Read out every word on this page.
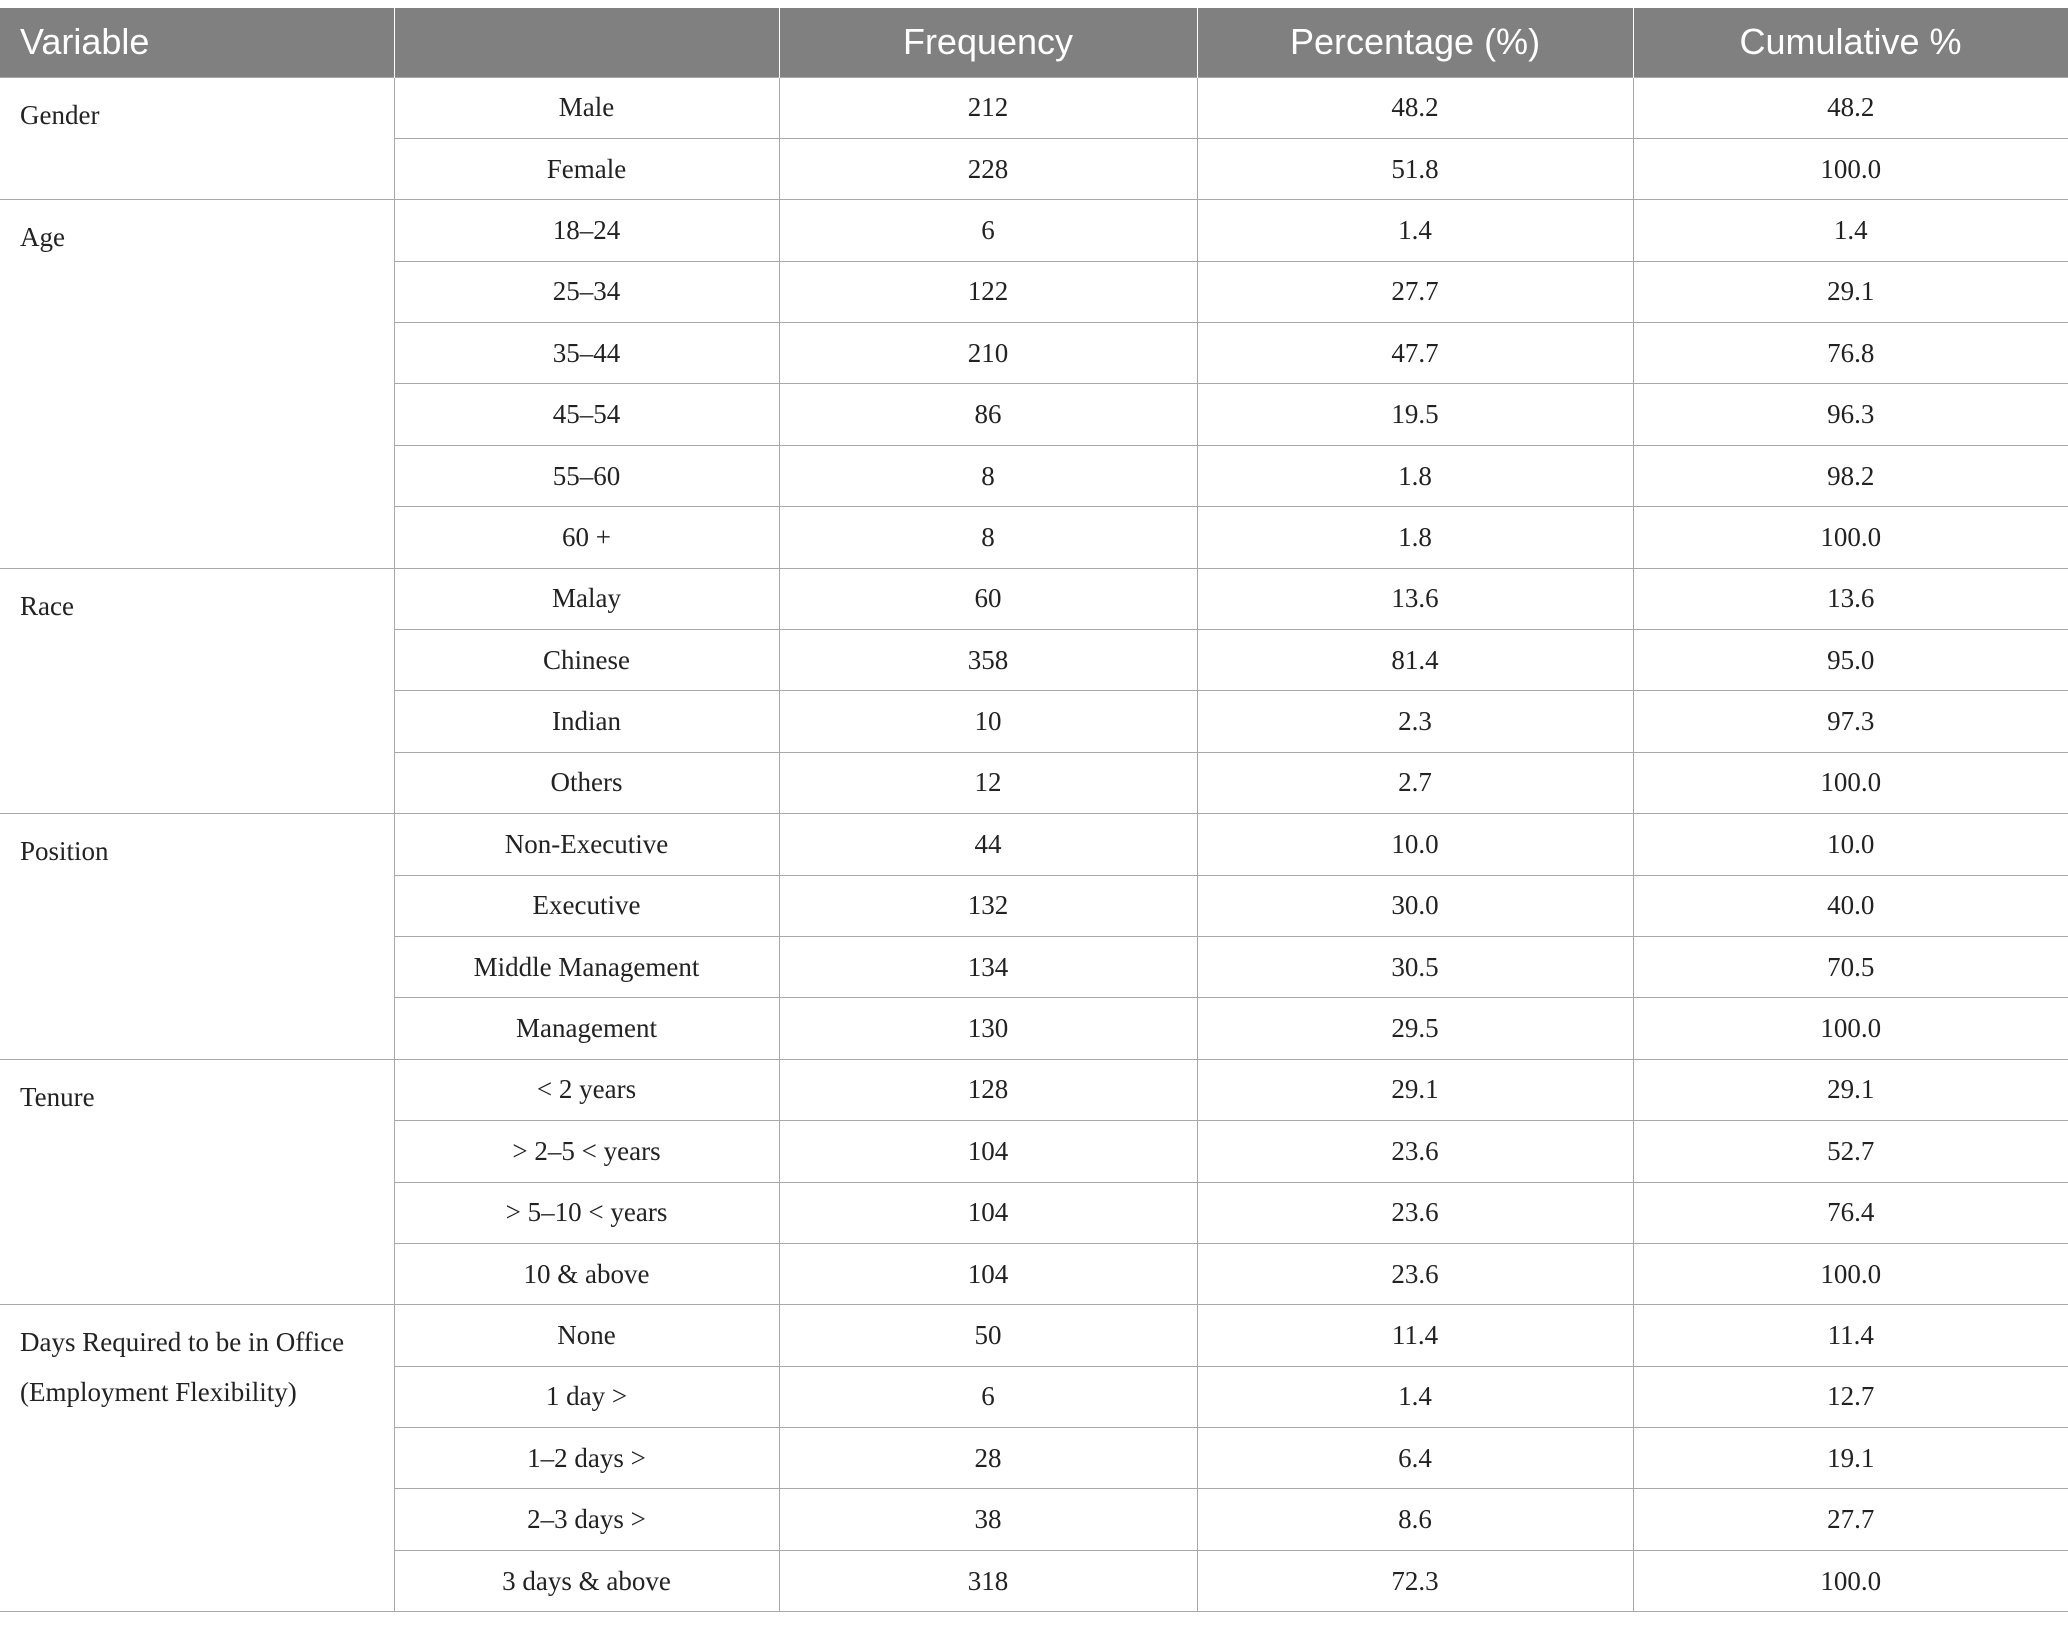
Variable		Frequency	Percentage (%)	Cumulative %
Gender	Male	212	48.2	48.2
	Female	228	51.8	100.0
Age	18–24	6	1.4	1.4
	25–34	122	27.7	29.1
	35–44	210	47.7	76.8
	45–54	86	19.5	96.3
	55–60	8	1.8	98.2
	60 +	8	1.8	100.0
Race	Malay	60	13.6	13.6
	Chinese	358	81.4	95.0
	Indian	10	2.3	97.3
	Others	12	2.7	100.0
Position	Non-Executive	44	10.0	10.0
	Executive	132	30.0	40.0
	Middle Management	134	30.5	70.5
	Management	130	29.5	100.0
Tenure	< 2 years	128	29.1	29.1
	> 2–5 < years	104	23.6	52.7
	> 5–10 < years	104	23.6	76.4
	10 & above	104	23.6	100.0
Days Required to be in Office (Employment Flexibility)	None	50	11.4	11.4
	1 day >	6	1.4	12.7
	1–2 days >	28	6.4	19.1
	2–3 days >	38	8.6	27.7
	3 days & above	318	72.3	100.0
